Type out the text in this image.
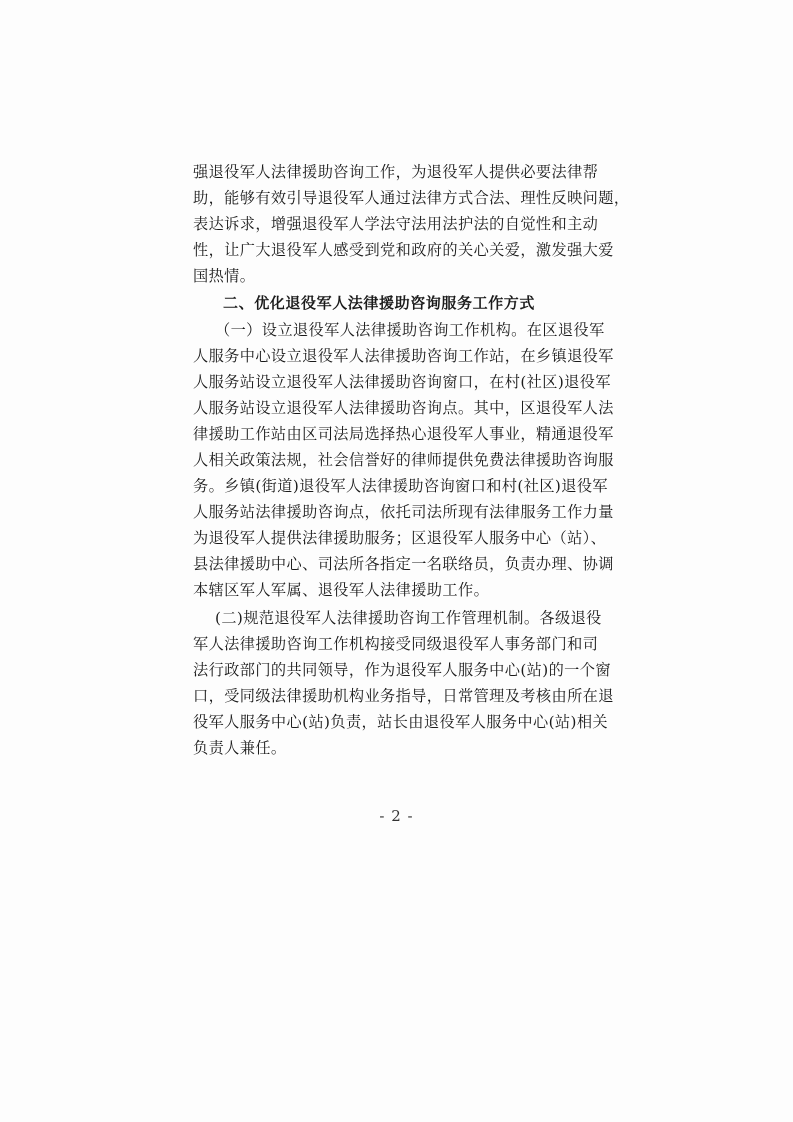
强退役军人法律援助咨询工作，为退役军人提供必要法律帮
助，能够有效引导退役军人通过法律方式合法、理性反映问题，
表达诉求，增强退役军人学法守法用法护法的自觉性和主动
性，让广大退役军人感受到党和政府的关心关爱，激发强大爱
国热情。
二、优化退役军人法律援助咨询服务工作方式
（一）设立退役军人法律援助咨询工作机构。在区退役军
人服务中心设立退役军人法律援助咨询工作站，在乡镇退役军
人服务站设立退役军人法律援助咨询窗口，在村(社区)退役军
人服务站设立退役军人法律援助咨询点。其中，区退役军人法
律援助工作站由区司法局选择热心退役军人事业，精通退役军
人相关政策法规，社会信誉好的律师提供免费法律援助咨询服
务。乡镇(街道)退役军人法律援助咨询窗口和村(社区)退役军
人服务站法律援助咨询点，依托司法所现有法律服务工作力量
为退役军人提供法律援助服务；区退役军人服务中心（站）、
县法律援助中心、司法所各指定一名联络员，负责办理、协调
本辖区军人军属、退役军人法律援助工作。
(二)规范退役军人法律援助咨询工作管理机制。各级退役
军人法律援助咨询工作机构接受同级退役军人事务部门和司
法行政部门的共同领导，作为退役军人服务中心(站)的一个窗
口，受同级法律援助机构业务指导，日常管理及考核由所在退
役军人服务中心(站)负责，站长由退役军人服务中心(站)相关
负责人兼任。
- 2 -
